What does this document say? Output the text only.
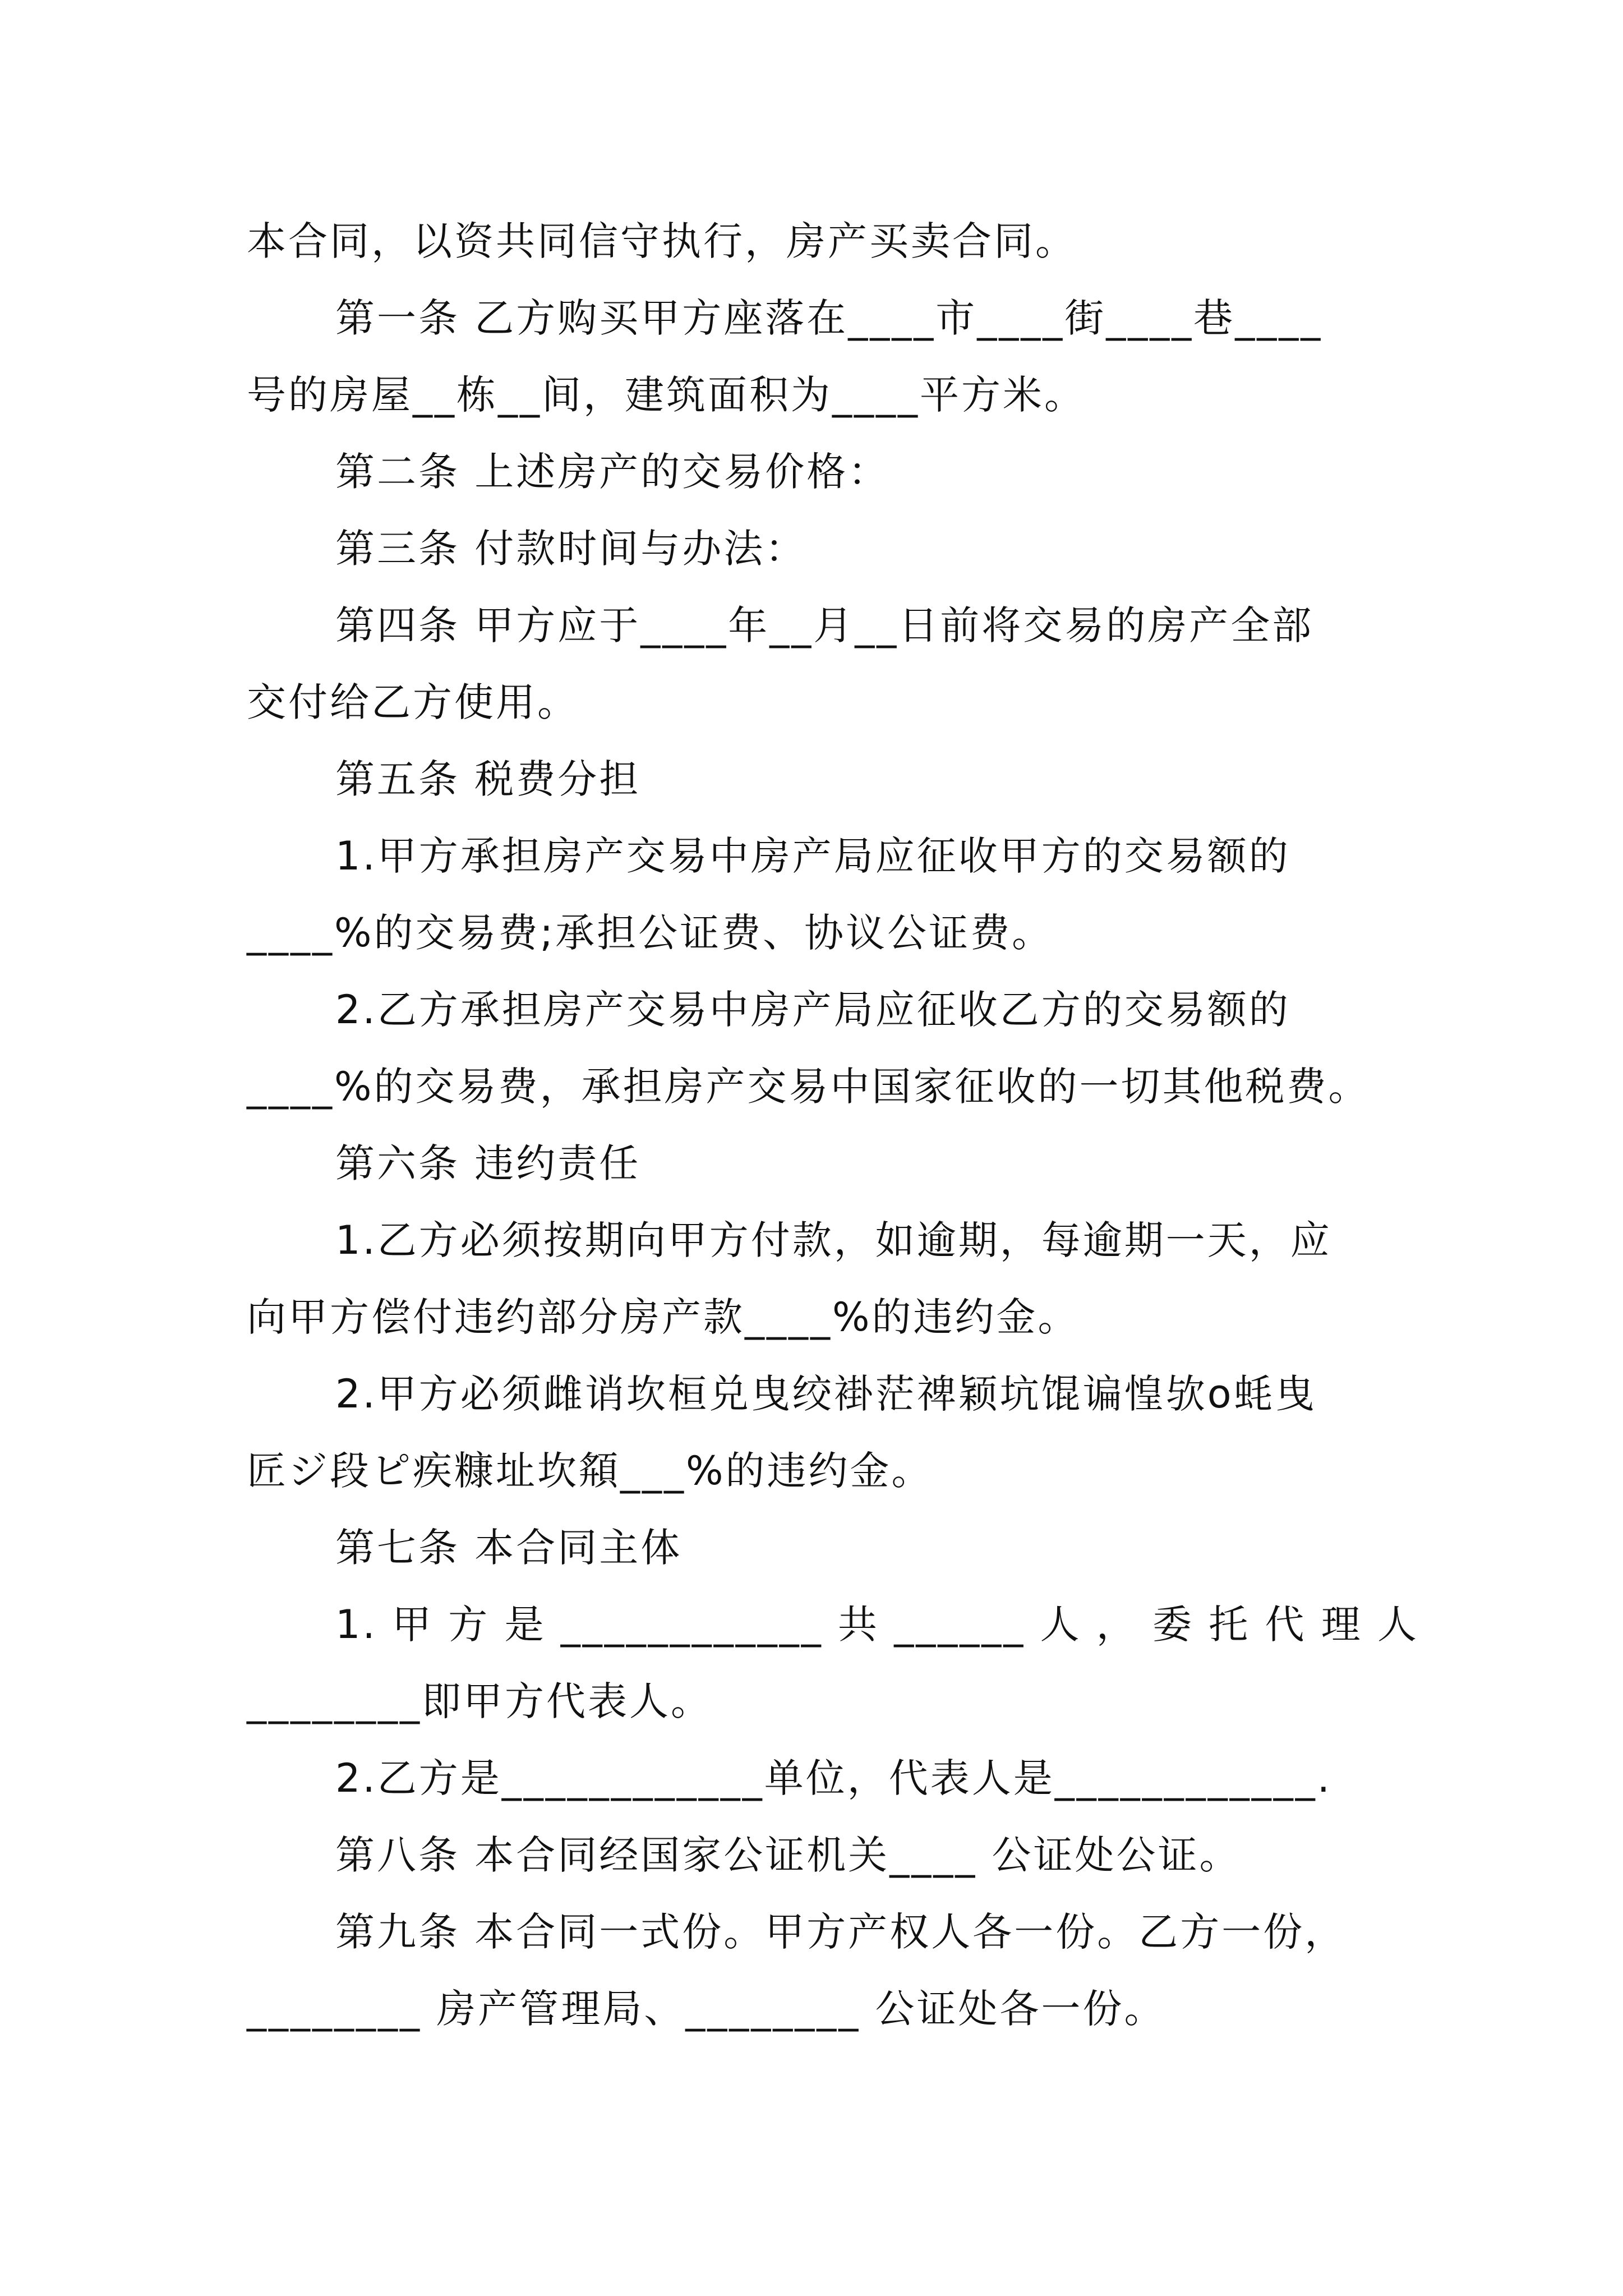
本合同，以资共同信守执行，房产买卖合同。
第一条 乙方购买甲方座落在____市____街____巷____
号的房屋__栋__间，建筑面积为____平方米。
第二条 上述房产的交易价格：
第三条 付款时间与办法：
第四条 甲方应于____年__月__日前将交易的房产全部
交付给乙方使用。
第五条 税费分担
1.甲方承担房产交易中房产局应征收甲方的交易额的
____%的交易费;承担公证费、协议公证费。
2.乙方承担房产交易中房产局应征收乙方的交易额的
____%的交易费，承担房产交易中国家征收的一切其他税费。
第六条 违约责任
1.乙方必须按期向甲方付款，如逾期，每逾期一天，应
向甲方偿付违约部分房产款____%的违约金。
2.甲方必须雌诮坎桓兑曳绞褂茫禆颖坑馄谝惶欤ο蚝曳
匠ジ段ピ疾糠址坎頯___%的违约金。
第七条 本合同主体
1. 甲 方 是 ____________ 共 ______ 人 ， 委 托 代 理 人
________即甲方代表人。
2.乙方是____________单位，代表人是____________.
第八条 本合同经国家公证机关____ 公证处公证。
第九条 本合同一式份。甲方产权人各一份。乙方一份，
________ 房产管理局、________ 公证处各一份。
